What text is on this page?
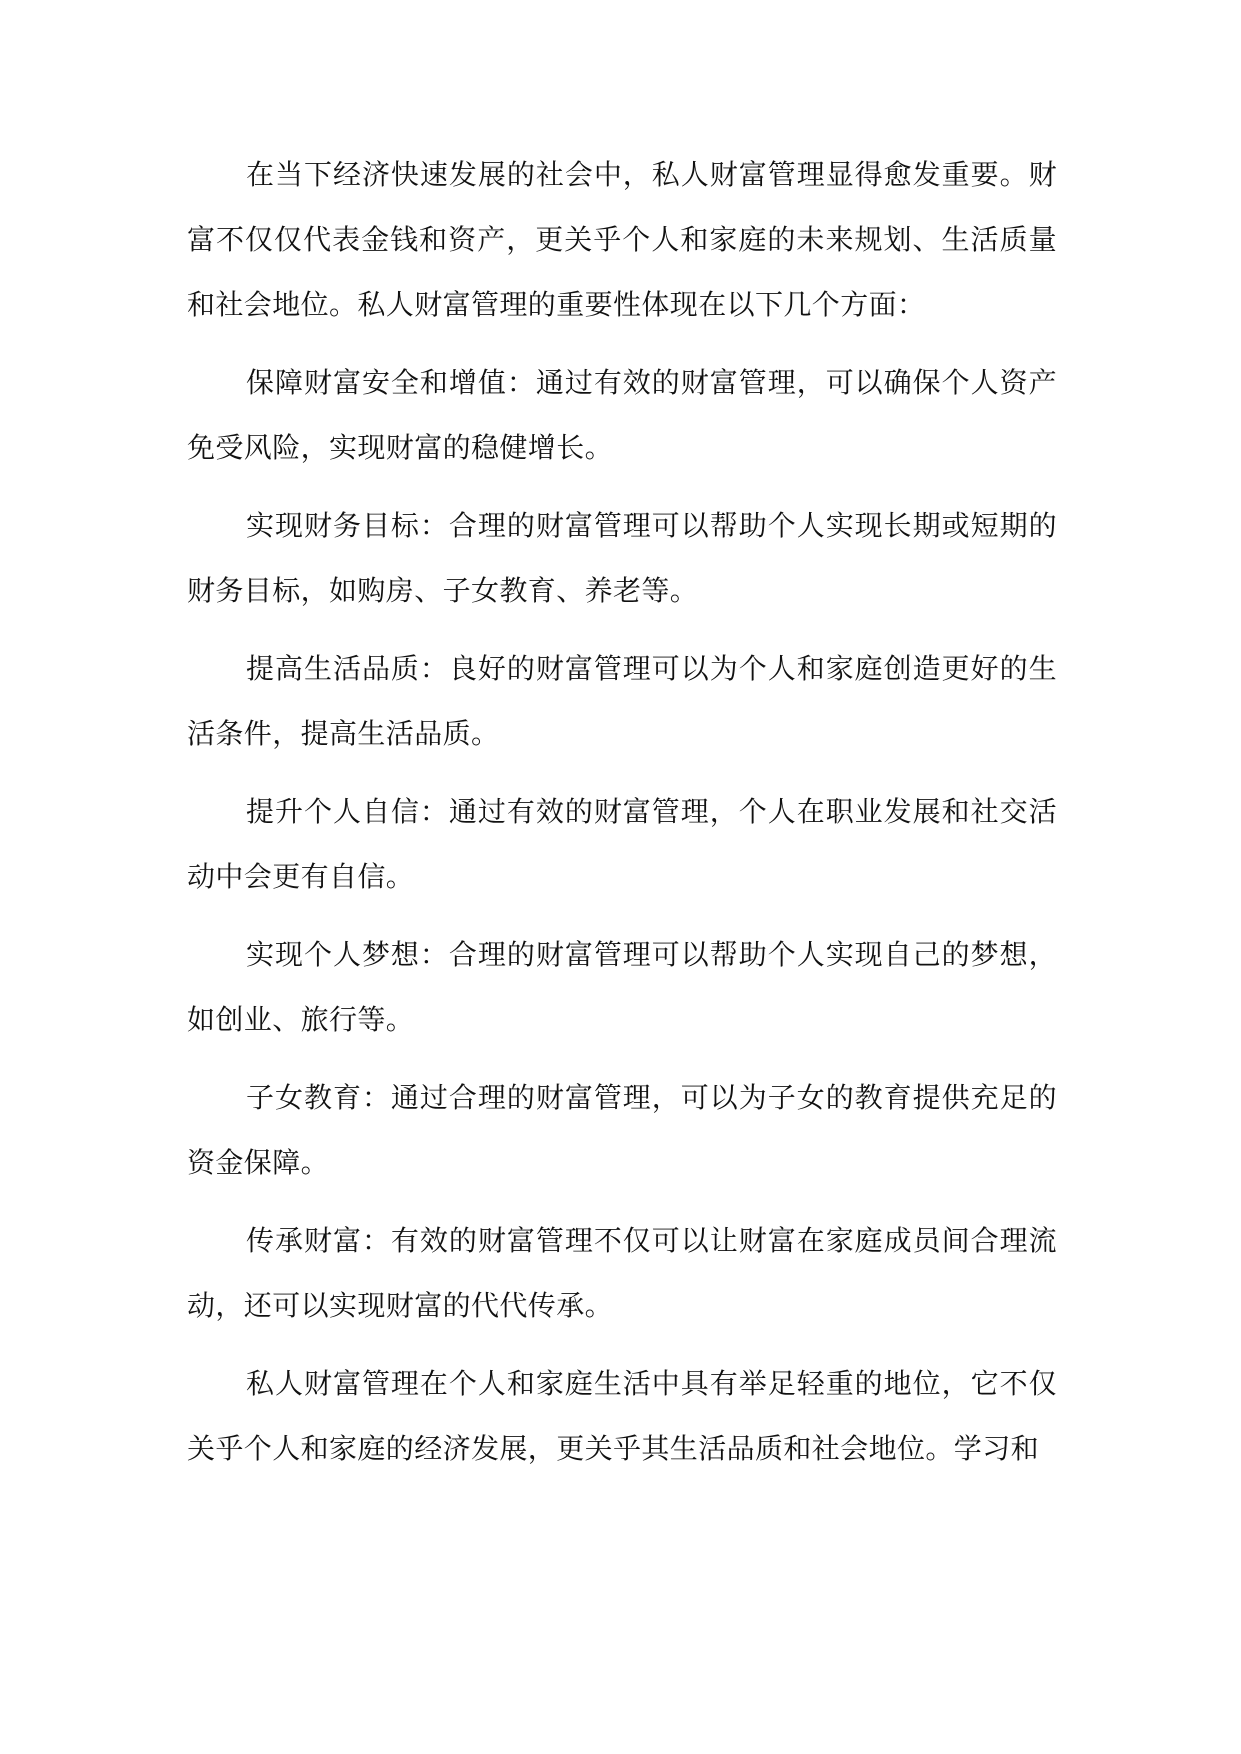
在当下经济快速发展的社会中，私人财富管理显得愈发重要。财富不仅仅代表金钱和资产，更关乎个人和家庭的未来规划、生活质量和社会地位。私人财富管理的重要性体现在以下几个方面：

保障财富安全和增值：通过有效的财富管理，可以确保个人资产免受风险，实现财富的稳健增长。

实现财务目标：合理的财富管理可以帮助个人实现长期或短期的财务目标，如购房、子女教育、养老等。

提高生活品质：良好的财富管理可以为个人和家庭创造更好的生活条件，提高生活品质。

提升个人自信：通过有效的财富管理，个人在职业发展和社交活动中会更有自信。

实现个人梦想：合理的财富管理可以帮助个人实现自己的梦想，如创业、旅行等。

子女教育：通过合理的财富管理，可以为子女的教育提供充足的资金保障。

传承财富：有效的财富管理不仅可以让财富在家庭成员间合理流动，还可以实现财富的代代传承。

私人财富管理在个人和家庭生活中具有举足轻重的地位，它不仅关乎个人和家庭的经济发展，更关乎其生活品质和社会地位。学习和
